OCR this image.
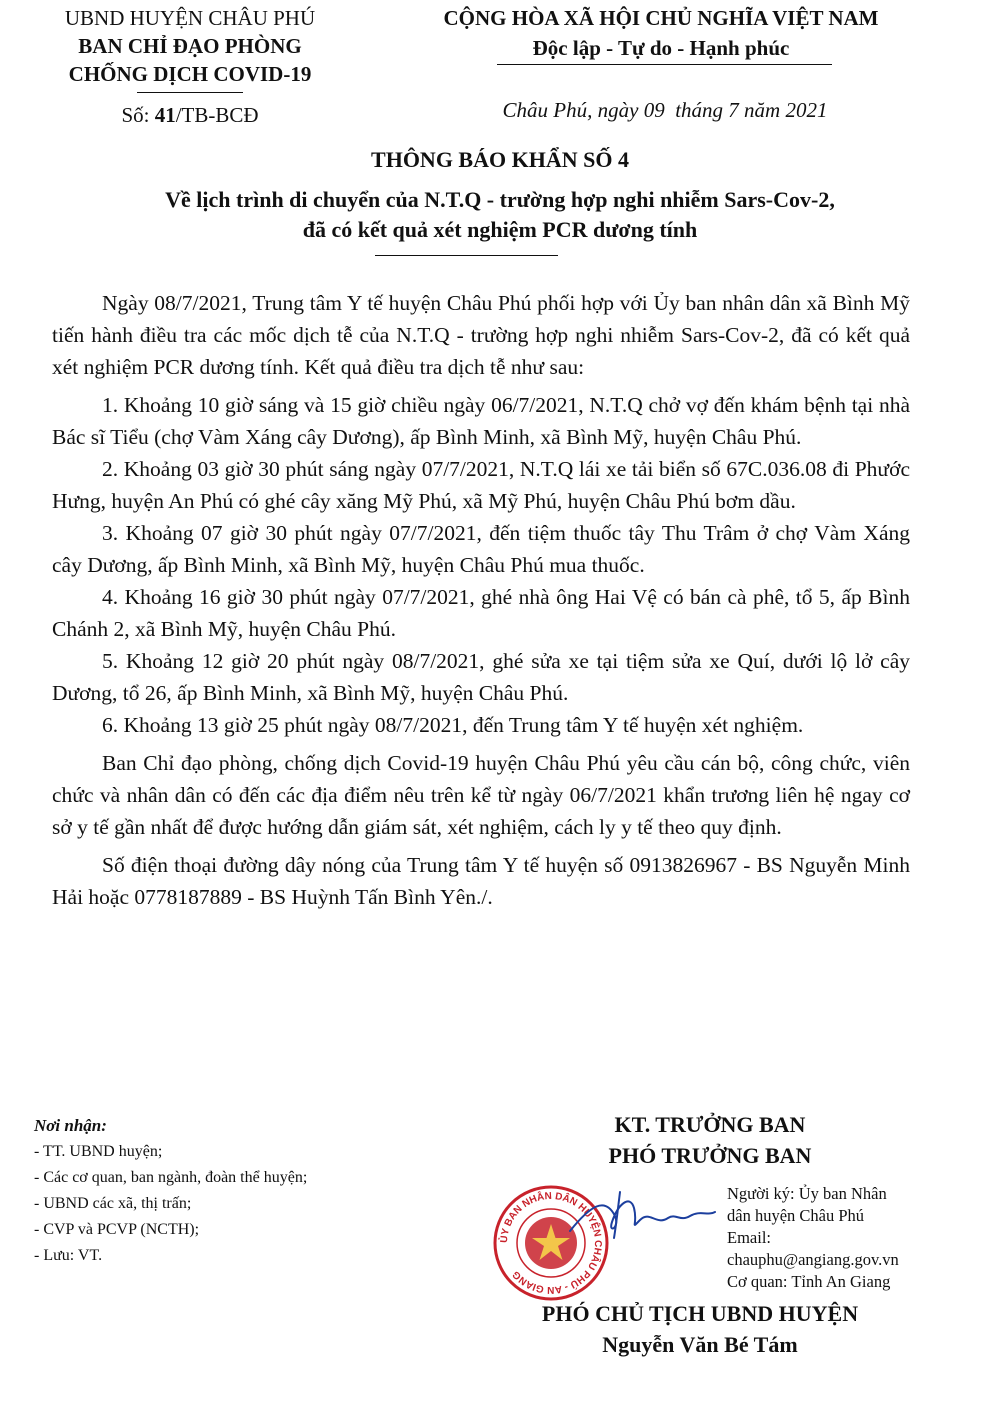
UBND HUYỆN CHÂU PHÚ
BAN CHỈ ĐẠO PHÒNG
CHỐNG DỊCH COVID-19
Số: 41/TB-BCĐ
CỘNG HÒA XÃ HỘI CHỦ NGHĨA VIỆT NAM
Độc lập - Tự do - Hạnh phúc
Châu Phú, ngày 09  tháng 7 năm 2021
THÔNG BÁO KHẨN SỐ 4
Về lịch trình di chuyển của N.T.Q - trường hợp nghi nhiễm Sars-Cov-2,
đã có kết quả xét nghiệm PCR dương tính

Ngày 08/7/2021, Trung tâm Y tế huyện Châu Phú phối hợp với Ủy ban nhân dân xã Bình Mỹ tiến hành điều tra các mốc dịch tễ của N.T.Q - trường hợp nghi nhiễm Sars-Cov-2, đã có kết quả xét nghiệm PCR dương tính. Kết quả điều tra dịch tễ như sau:

1. Khoảng 10 giờ sáng và 15 giờ chiều ngày 06/7/2021, N.T.Q chở vợ đến khám bệnh tại nhà Bác sĩ Tiểu (chợ Vàm Xáng cây Dương), ấp Bình Minh, xã Bình Mỹ, huyện Châu Phú.

2. Khoảng 03 giờ 30 phút sáng ngày 07/7/2021, N.T.Q lái xe tải biển số 67C.036.08 đi Phước Hưng, huyện An Phú có ghé cây xăng Mỹ Phú, xã Mỹ Phú, huyện Châu Phú bơm dầu.

3. Khoảng 07 giờ 30 phút ngày 07/7/2021, đến tiệm thuốc tây Thu Trâm ở chợ Vàm Xáng cây Dương, ấp Bình Minh, xã Bình Mỹ, huyện Châu Phú mua thuốc.

4. Khoảng 16 giờ 30 phút ngày 07/7/2021, ghé nhà ông Hai Vệ có bán cà phê, tổ 5, ấp Bình Chánh 2, xã Bình Mỹ, huyện Châu Phú.

5. Khoảng 12 giờ 20 phút ngày 08/7/2021, ghé sửa xe tại tiệm sửa xe Quí, dưới lộ lở cây Dương, tổ 26, ấp Bình Minh, xã Bình Mỹ, huyện Châu Phú.

6. Khoảng 13 giờ 25 phút ngày 08/7/2021, đến Trung tâm Y tế huyện xét nghiệm.

Ban Chỉ đạo phòng, chống dịch Covid-19 huyện Châu Phú yêu cầu cán bộ, công chức, viên chức và nhân dân có đến các địa điểm nêu trên kể từ ngày 06/7/2021 khẩn trương liên hệ ngay cơ sở y tế gần nhất để được hướng dẫn giám sát, xét nghiệm, cách ly y tế theo quy định.

Số điện thoại đường dây nóng của Trung tâm Y tế huyện số 0913826967 - BS Nguyễn Minh Hải hoặc 0778187889 - BS Huỳnh Tấn Bình Yên./.

Nơi nhận:
- TT. UBND huyện;
- Các cơ quan, ban ngành, đoàn thể huyện;
- UBND các xã, thị trấn;
- CVP và PCVP (NCTH);
- Lưu: VT.
KT. TRƯỞNG BAN
PHÓ TRƯỞNG BAN
ỦY BAN NHÂN DÂN HUYỆN CHÂU PHÚ - AN GIANG
Người ký: Ủy ban Nhân
dân huyện Châu Phú
Email:
chauphu@angiang.gov.vn
Cơ quan: Tỉnh An Giang
PHÓ CHỦ TỊCH UBND HUYỆN
Nguyễn Văn Bé Tám
